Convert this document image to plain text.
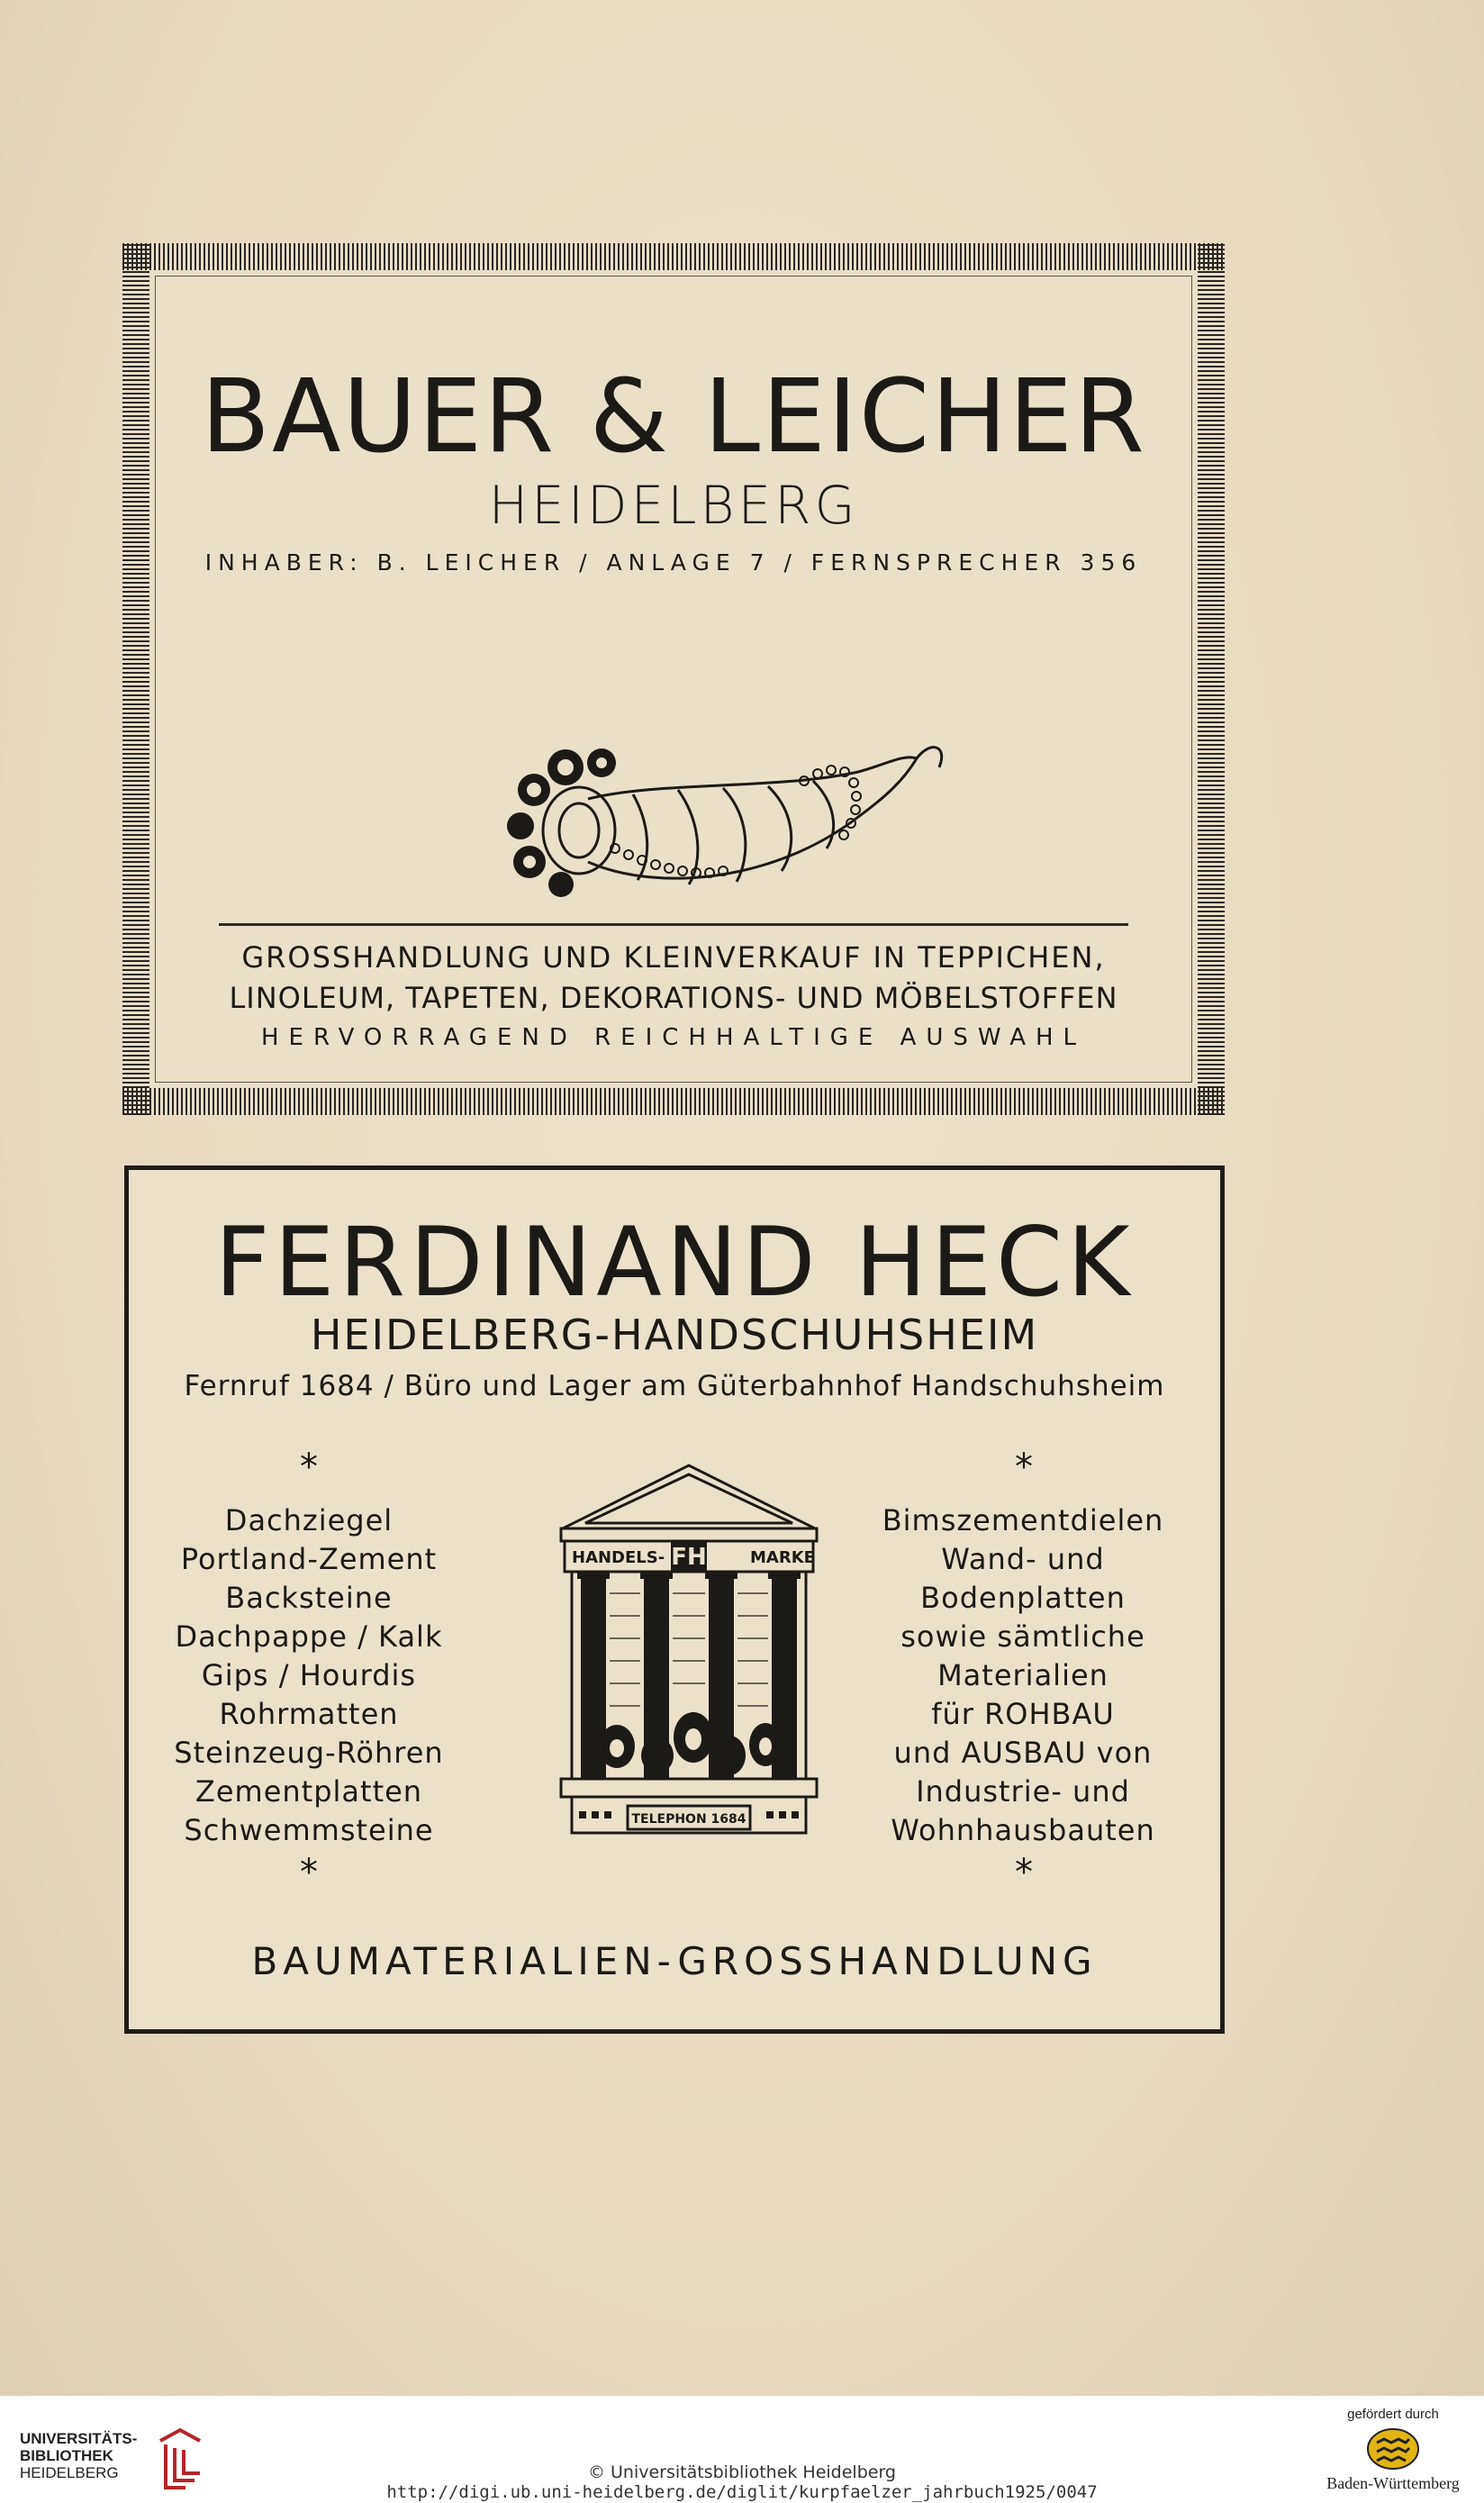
BAUER & LEICHER
HEIDELBERG
INHABER: B. LEICHER / ANLAGE 7 / FERNSPRECHER 356
GROSSHANDLUNG UND KLEINVERKAUF IN TEPPICHEN,
LINOLEUM, TAPETEN, DEKORATIONS- UND MÖBELSTOFFEN
HERVORRAGEND REICHHALTIGE AUSWAHL
FERDINAND HECK
HEIDELBERG-HANDSCHUHSHEIM
Fernruf 1684 / Büro und Lager am Güterbahnhof Handschuhsheim
*	*
Dachziegel
Portland-Zement
Backsteine
Dachpappe / Kalk
Gips / Hourdis
Rohrmatten
Steinzeug-Röhren
Zementplatten
Schwemmsteine
HANDELS- FH	MARKE
TELEPHON 1684
Bimszementdielen
Wand- und
Bodenplatten
sowie sämtliche
Materialien
für ROHBAU
und AUSBAU von
Industrie- und
Wohnhausbauten
*	*
BAUMATERIALIEN-GROSSHANDLUNG
UNIVERSITÄTS-
BIBLIOTHEK
HEIDELBERG	© Universitätsbibliothek Heidelberg
http://digi.ub.uni-heidelberg.de/diglit/kurpfaelzer_jahrbuch1925/0047
gefördert durch
Baden-Württemberg
